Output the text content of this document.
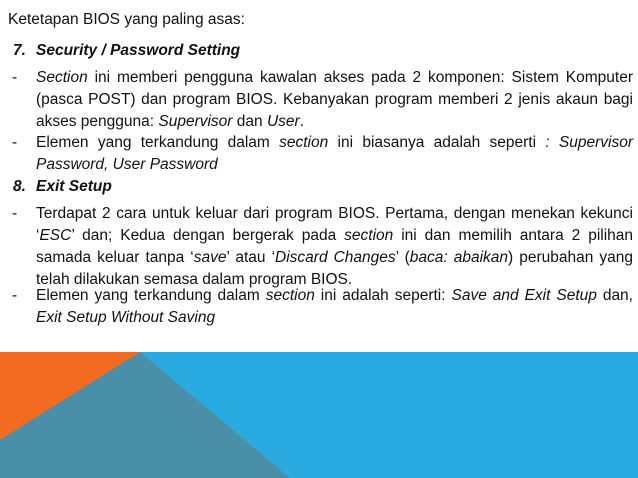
Ketetapan BIOS yang paling asas:
7. Security / Password Setting
- Section ini memberi pengguna kawalan akses pada 2 komponen: Sistem Komputer (pasca POST) dan program BIOS. Kebanyakan program memberi 2 jenis akaun bagi akses pengguna: Supervisor dan User.
- Elemen yang terkandung dalam section ini biasanya adalah seperti : Supervisor Password, User Password
8. Exit Setup
- Terdapat 2 cara untuk keluar dari program BIOS. Pertama, dengan menekan kekunci ‘ESC’ dan; Kedua dengan bergerak pada section ini dan memilih antara 2 pilihan samada keluar tanpa ‘save’ atau ‘Discard Changes’ (baca: abaikan) perubahan yang telah dilakukan semasa dalam program BIOS.
- Elemen yang terkandung dalam section ini adalah seperti: Save and Exit Setup dan, Exit Setup Without Saving
